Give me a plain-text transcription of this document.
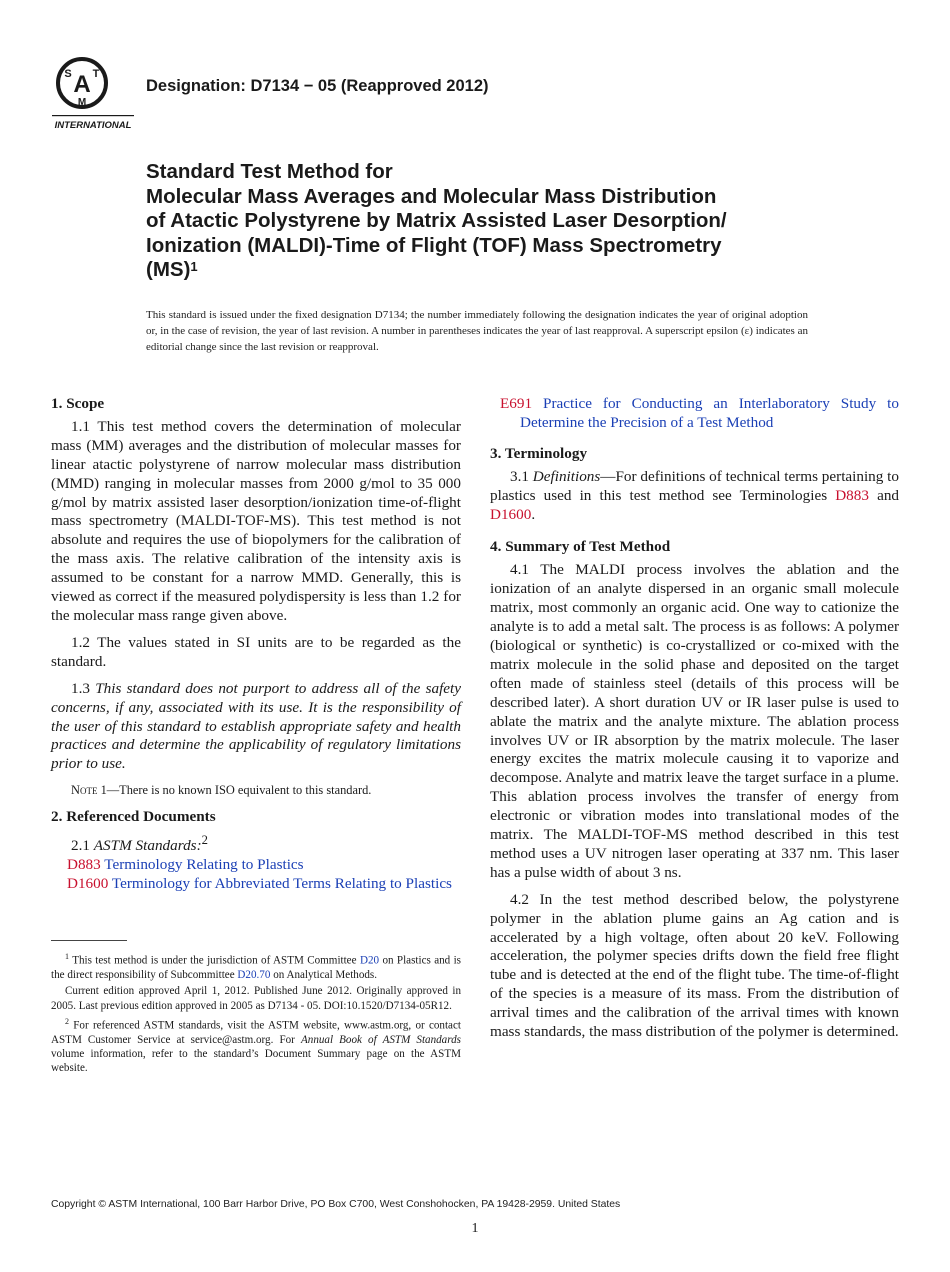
A
S T
M
INTERNATIONAL
Designation: D7134 − 05 (Reapproved 2012)
Standard Test Method for
Molecular Mass Averages and Molecular Mass Distribution
of Atactic Polystyrene by Matrix Assisted Laser Desorption/
Ionization (MALDI)-Time of Flight (TOF) Mass Spectrometry
(MS)$^1$
This standard is issued under the fixed designation D7134; the number immediately following the designation indicates the year of original adoption or, in the case of revision, the year of last revision. A number in parentheses indicates the year of last reapproval. A superscript epsilon (ε) indicates an editorial change since the last revision or reapproval.
1. Scope

1.1 This test method covers the determination of molecular mass (MM) averages and the distribution of molecular masses for linear atactic polystyrene of narrow molecular mass distribution (MMD) ranging in molecular masses from 2000 g/mol to 35 000 g/mol by matrix assisted laser desorption/ionization time-of-flight mass spectrometry (MALDI-TOF-MS). This test method is not absolute and requires the use of biopolymers for the calibration of the mass axis. The relative calibration of the intensity axis is assumed to be constant for a narrow MMD. Generally, this is viewed as correct if the measured polydispersity is less than 1.2 for the molecular mass range given above.

1.2 The values stated in SI units are to be regarded as the standard.

1.3 This standard does not purport to address all of the safety concerns, if any, associated with its use. It is the responsibility of the user of this standard to establish appropriate safety and health practices and determine the applicability of regulatory limitations prior to use.

Note 1—There is no known ISO equivalent to this standard.
2. Referenced Documents

2.1 ASTM Standards:$^2$

D883 Terminology Relating to Plastics

D1600 Terminology for Abbreviated Terms Relating to Plastics

$^1$ This test method is under the jurisdiction of ASTM Committee D20 on Plastics and is the direct responsibility of Subcommittee D20.70 on Analytical Methods.

Current edition approved April 1, 2012. Published June 2012. Originally approved in 2005. Last previous edition approved in 2005 as D7134 - 05. DOI:10.1520/D7134-05R12.

$^2$ For referenced ASTM standards, visit the ASTM website, www.astm.org, or contact ASTM Customer Service at service@astm.org. For Annual Book of ASTM Standards volume information, refer to the standard’s Document Summary page on the ASTM website.

E691 Practice for Conducting an Interlaboratory Study to Determine the Precision of a Test Method

3. Terminology

3.1 Definitions—For definitions of technical terms pertaining to plastics used in this test method see Terminologies D883 and D1600.

4. Summary of Test Method

4.1 The MALDI process involves the ablation and the ionization of an analyte dispersed in an organic small molecule matrix, most commonly an organic acid. One way to cationize the analyte is to add a metal salt. The process is as follows: A polymer (biological or synthetic) is co-crystallized or co-mixed with the matrix molecule in the solid phase and deposited on the target often made of stainless steel (details of this process will be described later). A short duration UV or IR laser pulse is used to ablate the matrix and the analyte mixture. The ablation process involves UV or IR absorption by the matrix molecule. The laser energy excites the matrix molecule causing it to vaporize and decompose. Analyte and matrix leave the target surface in a plume. This ablation process involves the transfer of energy from electronic or vibration modes into translational modes of the matrix. The MALDI-TOF-MS method described in this test method uses a UV nitrogen laser operating at 337 nm. This laser has a pulse width of about 3 ns.

4.2 In the test method described below, the polystyrene polymer in the ablation plume gains an Ag cation and is accelerated by a high voltage, often about 20 keV. Following acceleration, the polymer species drifts down the field free flight tube and is detected at the end of the flight tube. The time-of-flight of the species is a measure of its mass. From the distribution of arrival times and the calibration of the arrival times with known mass standards, the mass distribution of the polymer is determined.

Copyright © ASTM International, 100 Barr Harbor Drive, PO Box C700, West Conshohocken, PA 19428-2959. United States
1
